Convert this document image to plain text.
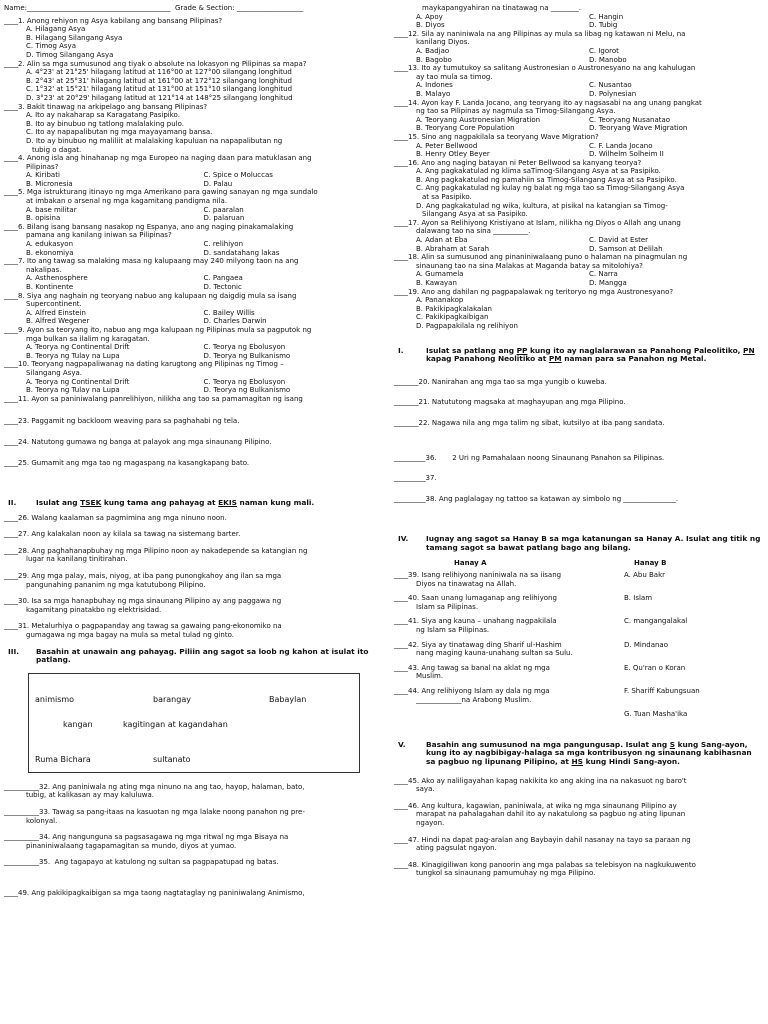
Name:_________________________________________ Grade & Section: ___________________
____1. Anong rehiyon ng Asya kabilang ang bansang Pilipinas?
A. Hilagang Asya
B. Hilagang Silangang Asya
C. Timog Asya
D. Timog Silangang Asya
____2. Alin sa mga sumusunod ang tiyak o absolute na lokasyon ng Pilipinas sa mapa?
A. 4°23' at 21°25' hilagang latitud at 116°00 at 127°00 silangang longhitud
B. 2°43' at 25°31' hilagang latitud at 161°00 at 172°12 silangang longhitud
C. 1°32' at 15°21' hilagang latitud at 131°00 at 151°10 silangang longhitud
D. 3°23' at 20°29' hilagang latitud at 121°14 at 148°25 silangang longhitud
____3. Bakit tinawag na arkipelago ang bansang Pilipinas?
A. Ito ay nakaharap sa Karagatang Pasipiko.
B. Ito ay binubuo ng tatlong malalaking pulo.
C. Ito ay napapalibutan ng mga mayayamang bansa.
D. Ito ay binubuo ng maliliit at malalaking kapuluan na napapalibutan ng
tubig o dagat.
____4. Anong isla ang hinahanap ng mga Europeo na naging daan para matuklasan ang
Pilipinas?
A. Kiribati	C. Spice o Moluccas
B. Micronesia	D. Palau
____5. Mga istrukturang itinayo ng mga Amerikano para gawing sanayan ng mga sundalo
at imbakan o arsenal ng mga kagamitang pandigma nila.
A. base militar	C. paaralan
B. opisina	D. palaruan
____6. Bilang isang bansang nasakop ng Espanya, ano ang naging pinakamalaking
pamana ang kanilang iniwan sa Pilipinas?
A. edukasyon	C. relihiyon
B. ekonomiya	D. sandatahang lakas
____7. Ito ang tawag sa malaking masa ng kalupaang may 240 milyong taon na ang
nakalipas.
A. Asthenosphere	C. Pangaea
B. Kontinente	D. Tectonic
____8. Siya ang naghain ng teoryang nabuo ang kalupaan ng daigdig mula sa isang
Supercontinent.
A. Alfred Einstein	C. Bailey Willis
B. Alfred Wegener	D. Charles Darwin
____9. Ayon sa teoryang ito, nabuo ang mga kalupaan ng Pilipinas mula sa pagputok ng
mga bulkan sa ilalim ng karagatan.
A. Teorya ng Continental Drift	C. Teorya ng Ebolusyon
B. Teorya ng Tulay na Lupa	D. Teorya ng Bulkanismo
____10. Teoryang nagpapaliwanag na dating karugtong ang Pilipinas ng Timog –
Silangang Asya.
A. Teorya ng Continental Drift	C. Teorya ng Ebolusyon
B. Teorya ng Tulay na Lupa	D. Teorya ng Bulkanismo
____11. Ayon sa paniniwalang panrelihiyon, nilikha ang tao sa pamamagitan ng isang
____23. Paggamit ng backloom weaving para sa paghahabi ng tela.
____24. Natutong gumawa ng banga at palayok ang mga sinaunang Pilipino.
____25. Gumamit ang mga tao ng magaspang na kasangkapang bato.
II.	Isulat ang TSEK kung tama ang pahayag at EKIS naman kung mali.
____26. Walang kaalaman sa pagmimina ang mga ninuno noon.
____27. Ang kalakalan noon ay kilala sa tawag na sistemang barter.
____28. Ang paghahanapbuhay ng mga Pilipino noon ay nakadepende sa katangian ng
lugar na kanilang tinitirahan.
____29. Ang mga palay, mais, niyog, at iba pang punongkahoy ang ilan sa mga
pangunahing pananim ng mga katutubong Pilipino.
____30. Isa sa mga hanapbuhay ng mga sinaunang Pilipino ay ang paggawa ng
kagamitang pinatakbo ng elektrisidad.
____31. Metalurhiya o pagpapanday ang tawag sa gawaing pang-ekonomiko na
gumagawa ng mga bagay na mula sa metal tulad ng ginto.
III.	Basahin at unawain ang pahayag. Piliin ang sagot sa loob ng kahon at isulat ito patlang.
animismo	barangay	Babaylan
kangan	kagitingan at kagandahan
Ruma Bichara	sultanato
__________32. Ang paniniwala ng ating mga ninuno na ang tao, hayop, halaman, bato,
tubig, at kalikasan ay may kaluluwa.
__________33. Tawag sa pang-itaas na kasuotan ng mga lalake noong panahon ng pre-
kolonyal.
__________34. Ang nangunguna sa pagsasagawa ng mga ritwal ng mga Bisaya na
pinaniniwalaang tagapamagitan sa mundo, diyos at yumao.
__________35.  Ang tagapayo at katulong ng sultan sa pagpapatupad ng batas.
____49. Ang pakikipagkaibigan sa mga taong nagtataglay ng paniniwalang Animismo,
maykapangyahiran na tinatawag na ________.
A. Apoy	C. Hangin
B. Diyos	D. Tubig
____12. Sila ay naniniwala na ang Pilipinas ay mula sa libag ng katawan ni Melu, na
kanilang Diyos.
A. Badjao	C. Igorot
B. Bagobo	D. Manobo
____13. Ito ay tumutukoy sa salitang Austronesian o Austronesyano na ang kahulugan
ay tao mula sa timog.
A. Indones	C. Nusantao
B. Malayo	D. Polynesian
____14. Ayon kay F. Landa Jocano, ang teoryang ito ay nagsasabi na ang unang pangkat
ng tao sa Pilipinas ay nagmula sa Timog-Silangang Asya.
A. Teoryang Austronesian Migration	C. Teoryang Nusanatao
B. Teoryang Core Population	D. Teoryang Wave Migration
____15. Sino ang nagpakilala sa teoryang Wave Migration?
A. Peter Bellwood	C. F. Landa Jocano
B. Henry Otley Beyer	D. Wilhelm Solheim II
____16. Ano ang naging batayan ni Peter Bellwood sa kanyang teorya?
A. Ang pagkakatulad ng klima saTimog-Silangang Asya at sa Pasipiko.
B. Ang pagkakatulad ng pamahiin sa Timog-Silangang Asya at sa Pasipiko.
C. Ang pagkakatulad ng kulay ng balat ng mga tao sa Timog-Silangang Asya
at sa Pasipiko.
D. Ang pagkakatulad ng wika, kultura, at pisikal na katangian sa Timog-
Silangang Asya at sa Pasipiko.
____17. Ayon sa Relihiyong Kristiyano at Islam, nilikha ng Diyos o Allah ang unang
dalawang tao na sina __________.
A. Adan at Eba	C. David at Ester
B. Abraham at Sarah	D. Samson at Delilah
____18. Alin sa sumusunod ang pinaniniwalaang puno o halaman na pinagmulan ng
sinaunang tao na sina Malakas at Maganda batay sa mitolohiya?
A. Gumamela	C. Narra
B. Kawayan	D. Mangga
____19. Ano ang dahilan ng pagpapalawak ng teritoryo ng mga Austronesyano?
A. Pananakop
B. Pakikipagkalakalan
C. Pakikipagkaibigan
D. Pagpapakilala ng relihiyon
I.	Isulat sa patlang ang PP kung ito ay naglalarawan sa Panahong Paleolitiko, PN kapag Panahong Neolitiko at PM naman para sa Panahon ng Metal.
_______20. Nanirahan ang mga tao sa mga yungib o kuweba.
_______21. Natututong magsaka at maghayupan ang mga Pilipino.
_______22. Nagawa nila ang mga talim ng sibat, kutsilyo at iba pang sandata.
_________36.       2 Uri ng Pamahalaan noong Sinaunang Panahon sa Pilipinas.
_________37.
_________38. Ang paglalagay ng tattoo sa katawan ay simbolo ng _______________.
IV.	Iugnay ang sagot sa Hanay B sa mga katanungan sa Hanay A. Isulat ang titik ng tamang sagot sa bawat patlang bago ang bilang.
Hanay A	Hanay B
____39. Isang relihiyong naniniwala na sa iisang
Diyos na tinawatag na Allah.
A. Abu Bakr
____40. Saan unang lumaganap ang relihiyong
Islam sa Pilipinas.
B. Islam
____41. Siya ang kauna – unahang nagpakilala
ng Islam sa Pilipinas.
C. mangangalakal
____42. Siya ay tinatawag ding Sharif ul-Hashim
nang maging kauna-unahang sultan sa Sulu.
D. Mindanao
____43. Ang tawag sa banal na aklat ng mga
Muslim.
E. Qu'ran o Koran
____44. Ang relihiyong Islam ay dala ng mga
_____________na Arabong Muslim.
F. Shariff Kabungsuan
G. Tuan Masha'ika
V.	Basahin ang sumusunod na mga pangungusap. Isulat ang S kung Sang-ayon, kung ito ay nagbibigay-halaga sa mga kontribusyon ng sinaunang kabihasnan sa pagbuo ng lipunang Pilipino, at HS kung Hindi Sang-ayon.
____45. Ako ay naliligayahan kapag nakikita ko ang aking ina na nakasuot ng baro't
saya.
____46. Ang kultura, kagawian, paniniwala, at wika ng mga sinaunang Pilipino ay
marapat na pahalagahan dahil ito ay nakatulong sa pagbuo ng ating lipunan
ngayon.
____47. Hindi na dapat pag-aralan ang Baybayin dahil nasanay na tayo sa paraan ng
ating pagsulat ngayon.
____48. Kinagigiliwan kong panoorin ang mga palabas sa telebisyon na nagkukuwento
tungkol sa sinaunang pamumuhay ng mga Pilipino.
